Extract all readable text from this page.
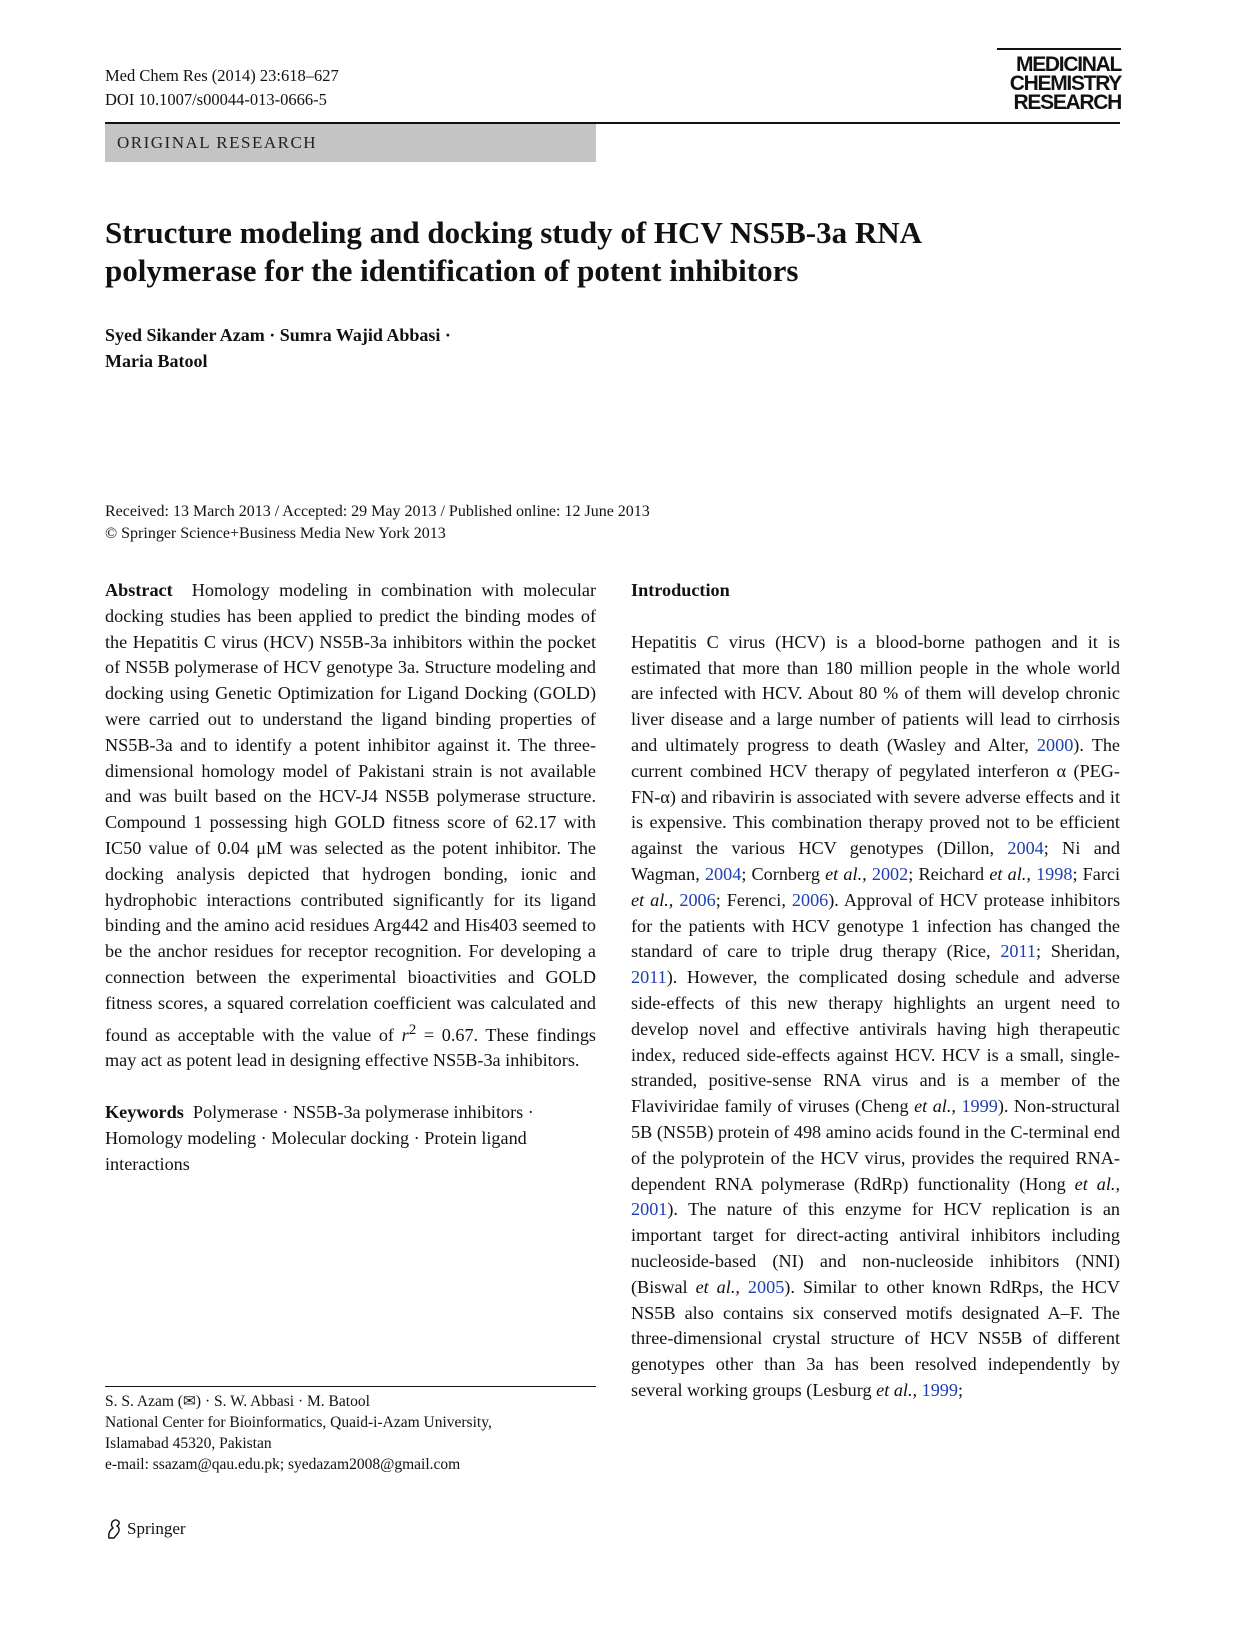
Med Chem Res (2014) 23:618–627
DOI 10.1007/s00044-013-0666-5
MEDICINAL
CHEMISTRY
RESEARCH
ORIGINAL RESEARCH
Structure modeling and docking study of HCV NS5B-3a RNA
polymerase for the identification of potent inhibitors
Syed Sikander Azam · Sumra Wajid Abbasi ·
Maria Batool
Received: 13 March 2013 / Accepted: 29 May 2013 / Published online: 12 June 2013
© Springer Science+Business Media New York 2013

Abstract Homology modeling in combination with molecular docking studies has been applied to predict the binding modes of the Hepatitis C virus (HCV) NS5B-3a inhibitors within the pocket of NS5B polymerase of HCV genotype 3a. Structure modeling and docking using Genetic Optimization for Ligand Docking (GOLD) were carried out to understand the ligand binding properties of NS5B-3a and to identify a potent inhibitor against it. The three-dimensional homology model of Pakistani strain is not available and was built based on the HCV-J4 NS5B polymerase structure. Compound 1 possessing high GOLD fitness score of 62.17 with IC50 value of 0.04 μM was selected as the potent inhibitor. The docking analysis depicted that hydrogen bonding, ionic and hydrophobic interactions contributed significantly for its ligand binding and the amino acid residues Arg442 and His403 seemed to be the anchor residues for receptor recognition. For developing a connection between the experimental bioactivities and GOLD fitness scores, a squared correlation coefficient was calculated and found as acceptable with the value of $r^2 = 0.67$. These findings may act as potent lead in designing effective NS5B-3a inhibitors.

Keywords Polymerase · NS5B-3a polymerase inhibitors · Homology modeling · Molecular docking · Protein ligand interactions

S. S. Azam (✉) · S. W. Abbasi · M. Batool
National Center for Bioinformatics, Quaid-i-Azam University,
Islamabad 45320, Pakistan
e-mail: ssazam@qau.edu.pk; syedazam2008@gmail.com

Introduction

Hepatitis C virus (HCV) is a blood-borne pathogen and it is estimated that more than 180 million people in the whole world are infected with HCV. About 80 % of them will develop chronic liver disease and a large number of patients will lead to cirrhosis and ultimately progress to death (Wasley and Alter, 2000). The current combined HCV therapy of pegylated interferon α (PEG-FN-α) and ribavirin is associated with severe adverse effects and it is expensive. This combination therapy proved not to be efficient against the various HCV genotypes (Dillon, 2004; Ni and Wagman, 2004; Cornberg et al., 2002; Reichard et al., 1998; Farci et al., 2006; Ferenci, 2006). Approval of HCV protease inhibitors for the patients with HCV genotype 1 infection has changed the standard of care to triple drug therapy (Rice, 2011; Sheridan, 2011). However, the complicated dosing schedule and adverse side-effects of this new therapy highlights an urgent need to develop novel and effective antivirals having high therapeutic index, reduced side-effects against HCV. HCV is a small, single-stranded, positive-sense RNA virus and is a member of the Flaviviridae family of viruses (Cheng et al., 1999). Non-structural 5B (NS5B) protein of 498 amino acids found in the C-terminal end of the polyprotein of the HCV virus, provides the required RNA-dependent RNA polymerase (RdRp) functionality (Hong et al., 2001). The nature of this enzyme for HCV replication is an important target for direct-acting antiviral inhibitors including nucleoside-based (NI) and non-nucleoside inhibitors (NNI) (Biswal et al., 2005). Similar to other known RdRps, the HCV NS5B also contains six conserved motifs designated A–F. The three-dimensional crystal structure of HCV NS5B of different genotypes other than 3a has been resolved independently by several working groups (Lesburg et al., 1999;

Springer
